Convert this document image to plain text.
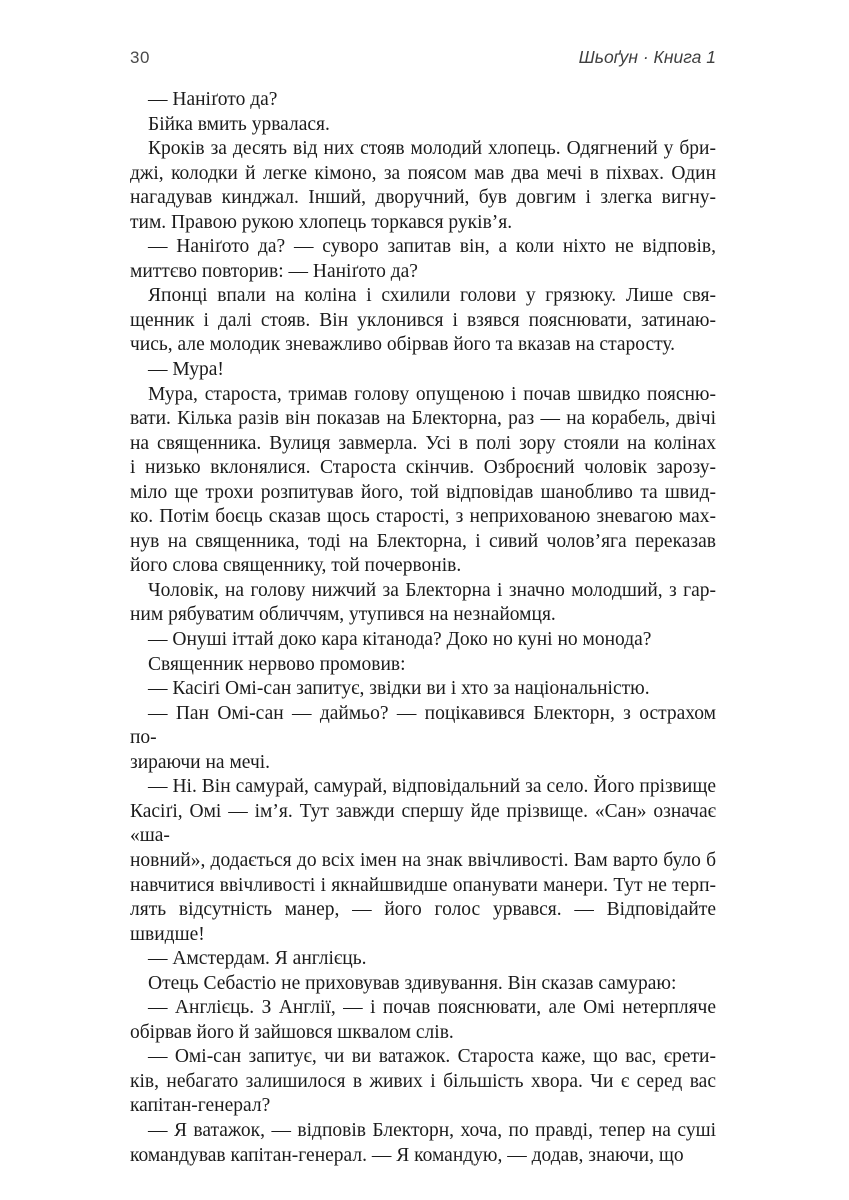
30	Шьоґун · Книга 1

— Наніґото да?

Бійка вмить урвалася.

Кроків за десять від них стояв молодий хлопець. Одягнений у бри-
джі, колодки й легке кімоно, за поясом мав два мечі в піхвах. Один
нагадував кинджал. Інший, дворучний, був довгим і злегка вигну-
тим. Правою рукою хлопець торкався руків’я.

— Наніґото да? — суворо запитав він, а коли ніхто не відповів,
миттєво повторив: — Наніґото да?

Японці впали на коліна і схилили голови у грязюку. Лише свя-
щенник і далі стояв. Він уклонився і взявся пояснювати, затинаю-
чись, але молодик зневажливо обірвав його та вказав на старосту.

— Мура!

Мура, староста, тримав голову опущеною і почав швидко поясню-
вати. Кілька разів він показав на Блекторна, раз — на корабель, двічі
на священника. Вулиця завмерла. Усі в полі зору стояли на колінах
і низько вклонялися. Староста скінчив. Озброєний чоловік зарозу-
міло ще трохи розпитував його, той відповідав шанобливо та швид-
ко. Потім боєць сказав щось старості, з неприхованою зневагою мах-
нув на священника, тоді на Блекторна, і сивий чолов’яга переказав
його слова священнику, той почервонів.

Чоловік, на голову нижчий за Блекторна і значно молодший, з гар-
ним рябуватим обличчям, утупився на незнайомця.

— Онуші іттай доко кара кітанода? Доко но куні но монода?

Священник нервово промовив:

— Касіґі Омі-сан запитує, звідки ви і хто за національністю.

— Пан Омі-сан — даймьо? — поцікавився Блекторн, з острахом по-
зираючи на мечі.

— Ні. Він самурай, самурай, відповідальний за село. Його прізвище
Касіґі, Омі — ім’я. Тут завжди спершу йде прізвище. «Сан» означає «ша-
новний», додається до всіх імен на знак ввічливості. Вам варто було б
навчитися ввічливості і якнайшвидше опанувати манери. Тут не терп-
лять відсутність манер, — його голос урвався. — Відповідайте швидше!

— Амстердам. Я англієць.

Отець Себастіо не приховував здивування. Він сказав самураю:

— Англієць. З Англії, — і почав пояснювати, але Омі нетерпляче
обірвав його й зайшовся шквалом слів.

— Омі-сан запитує, чи ви ватажок. Староста каже, що вас, єрети-
ків, небагато залишилося в живих і більшість хвора. Чи є серед вас
капітан-генерал?

— Я ватажок, — відповів Блекторн, хоча, по правді, тепер на суші
командував капітан-генерал. — Я командую, — додав, знаючи, що
